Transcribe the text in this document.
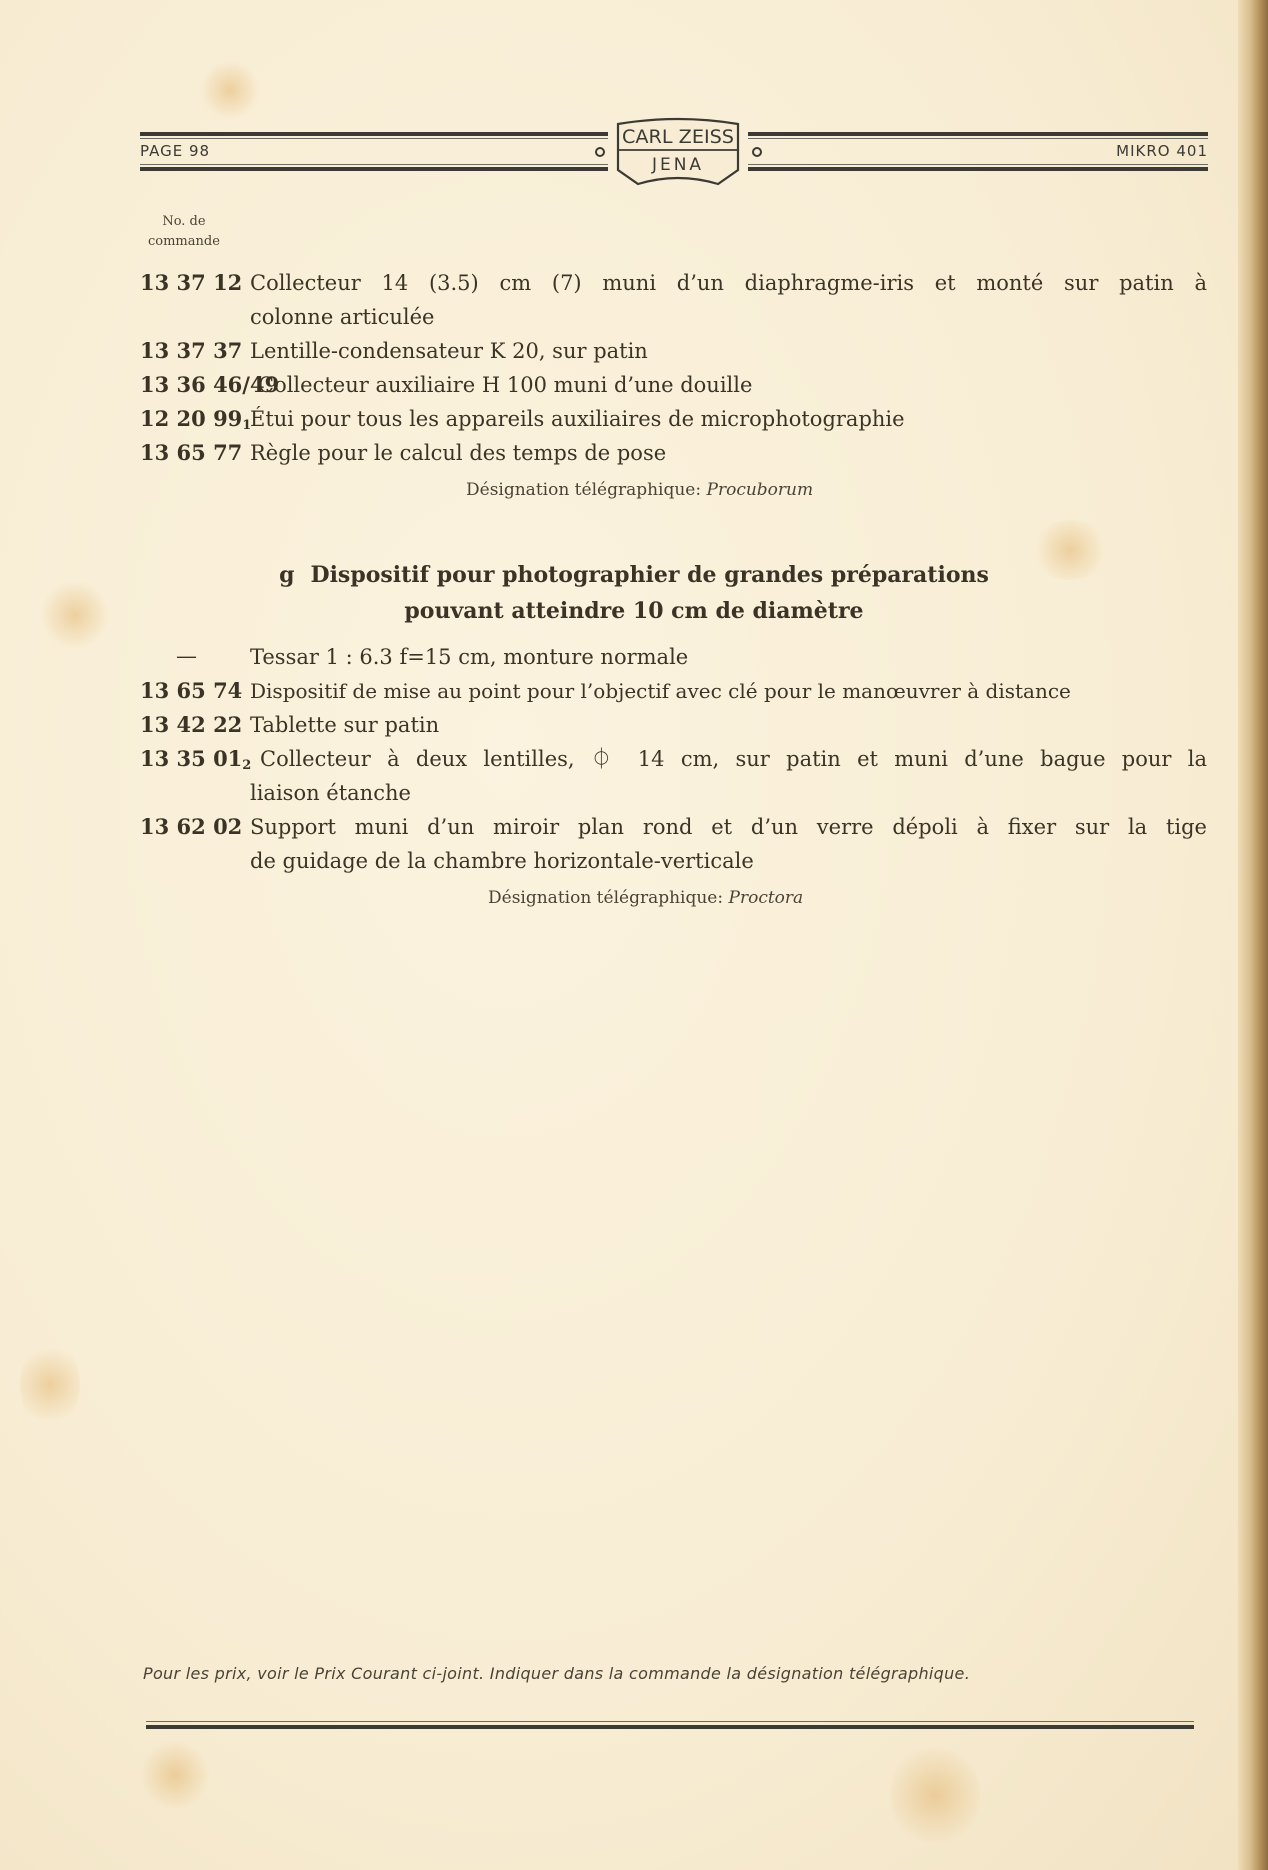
PAGE 98
CARL ZEISS
JENA
MIKRO 401
No. de
commande
13 37 12 Collecteur 14 (3.5) cm (7) muni d’un diaphragme-iris et monté sur patin à
colonne articulée
13 37 37 Lentille-condensateur K 20, sur patin
13 36 46/49
Collecteur auxiliaire H 100 muni d’une douille
12 20 $99_1$
Étui pour tous les appareils auxiliaires de microphotographie
13 65 77 Règle pour le calcul des temps de pose
Désignation télégraphique: Procuborum
g Dispositif pour photographier de grandes préparations
pouvant atteindre 10 cm de diamètre
—	Tessar 1 : 6.3 f=15 cm, monture normale
13 65 74 Dispositif de mise au point pour l’objectif avec clé pour le manœuvrer à distance
13 42 22 Tablette sur patin
13 35 $01_2$ Collecteur à deux lentilles, ⏀ 14 cm, sur patin et muni d’une bague pour la
liaison étanche
13 62 02 Support muni d’un miroir plan rond et d’un verre dépoli à fixer sur la tige
de guidage de la chambre horizontale-verticale
Désignation télégraphique: Proctora
Pour les prix, voir le Prix Courant ci-joint. Indiquer dans la commande la désignation télégraphique.
